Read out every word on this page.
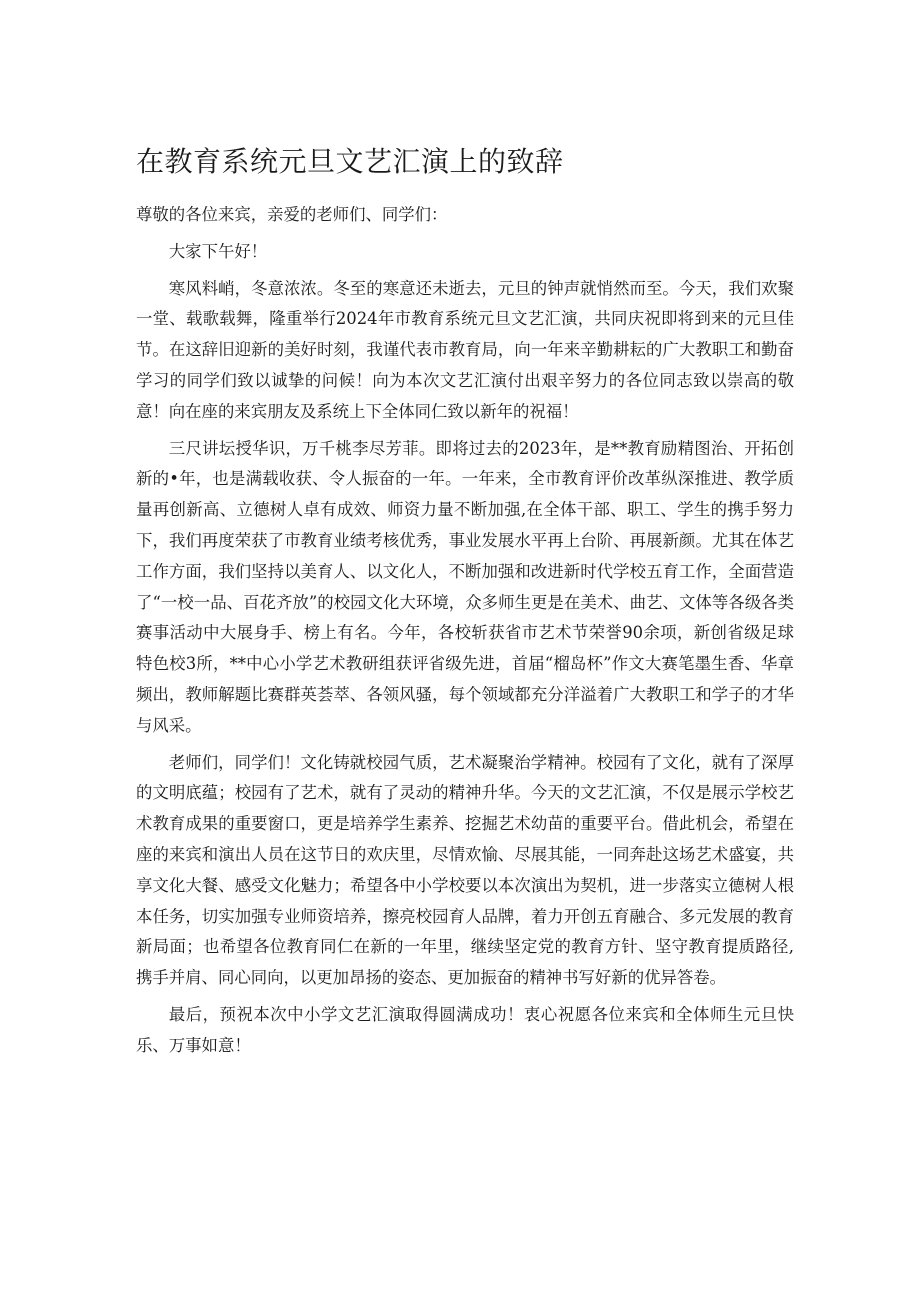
在教育系统元旦文艺汇演上的致辞

尊敬的各位来宾，亲爱的老师们、同学们：

大家下午好！

寒风料峭，冬意浓浓。冬至的寒意还未逝去，元旦的钟声就悄然而至。今天，我们欢聚一堂、载歌载舞，隆重举行2024年市教育系统元旦文艺汇演，共同庆祝即将到来的元旦佳节。在这辞旧迎新的美好时刻，我谨代表市教育局，向一年来辛勤耕耘的广大教职工和勤奋学习的同学们致以诚挚的问候！向为本次文艺汇演付出艰辛努力的各位同志致以崇高的敬意！向在座的来宾朋友及系统上下全体同仁致以新年的祝福！

三尺讲坛授华识，万千桃李尽芳菲。即将过去的2023年，是**教育励精图治、开拓创新的•年，也是满载收获、令人振奋的一年。一年来，全市教育评价改革纵深推进、教学质量再创新高、立德树人卓有成效、师资力量不断加强,在全体干部、职工、学生的携手努力下，我们再度荣获了市教育业绩考核优秀，事业发展水平再上台阶、再展新颜。尤其在体艺工作方面，我们坚持以美育人、以文化人，不断加强和改进新时代学校五育工作，全面营造了“一校一品、百花齐放”的校园文化大环境，众多师生更是在美术、曲艺、文体等各级各类赛事活动中大展身手、榜上有名。今年，各校斩获省市艺术节荣誉90余项，新创省级足球特色校3所，**中心小学艺术教研组获评省级先进，首届“榴岛杯”作文大赛笔墨生香、华章频出，教师解题比赛群英荟萃、各领风骚，每个领域都充分洋溢着广大教职工和学子的才华与风采。

老师们，同学们！文化铸就校园气质，艺术凝聚治学精神。校园有了文化，就有了深厚的文明底蕴；校园有了艺术，就有了灵动的精神升华。今天的文艺汇演，不仅是展示学校艺术教育成果的重要窗口，更是培养学生素养、挖掘艺术幼苗的重要平台。借此机会，希望在座的来宾和演出人员在这节日的欢庆里，尽情欢愉、尽展其能，一同奔赴这场艺术盛宴，共享文化大餐、感受文化魅力；希望各中小学校要以本次演出为契机，进一步落实立德树人根本任务，切实加强专业师资培养，擦亮校园育人品牌，着力开创五育融合、多元发展的教育新局面；也希望各位教育同仁在新的一年里，继续坚定党的教育方针、坚守教育提质路径,携手并肩、同心同向，以更加昂扬的姿态、更加振奋的精神书写好新的优异答卷。

最后，预祝本次中小学文艺汇演取得圆满成功！衷心祝愿各位来宾和全体师生元旦快乐、万事如意！
